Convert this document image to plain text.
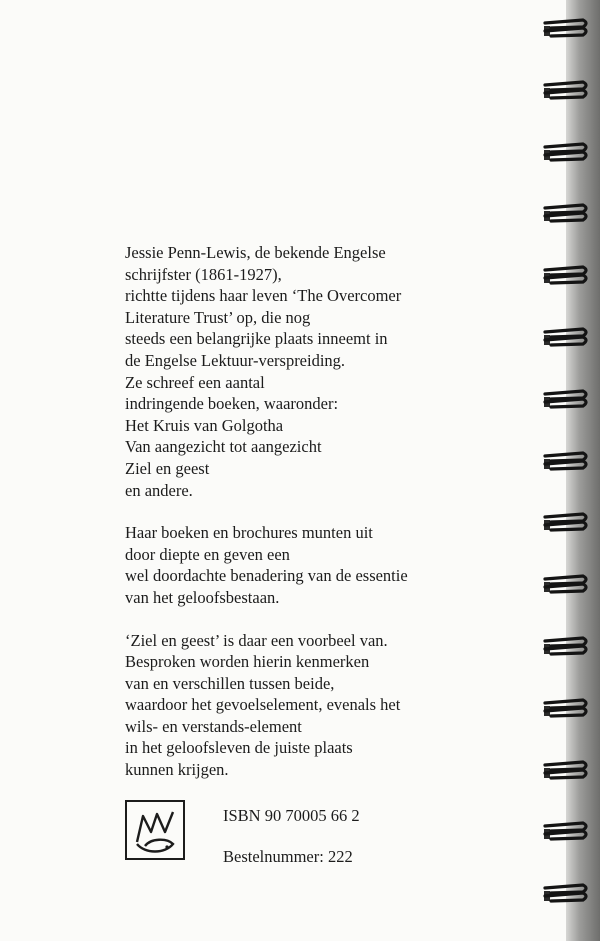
Jessie Penn-Lewis, de bekende Engelse
schrijfster (1861-1927),
richtte tijdens haar leven ‘The Overcomer
Literature Trust’ op, die nog
steeds een belangrijke plaats inneemt in
de Engelse Lektuur-verspreiding.
Ze schreef een aantal
indringende boeken, waaronder:
Het Kruis van Golgotha
Van aangezicht tot aangezicht
Ziel en geest
en andere.

Haar boeken en brochures munten uit
door diepte en geven een
wel doordachte benadering van de essentie
van het geloofsbestaan.

‘Ziel en geest’ is daar een voorbeel van.
Besproken worden hierin kenmerken
van en verschillen tussen beide,
waardoor het gevoelselement, evenals het
wils- en verstands-element
in het geloofsleven de juiste plaats
kunnen krijgen.

ISBN 90 70005 66 2
Bestelnummer: 222
